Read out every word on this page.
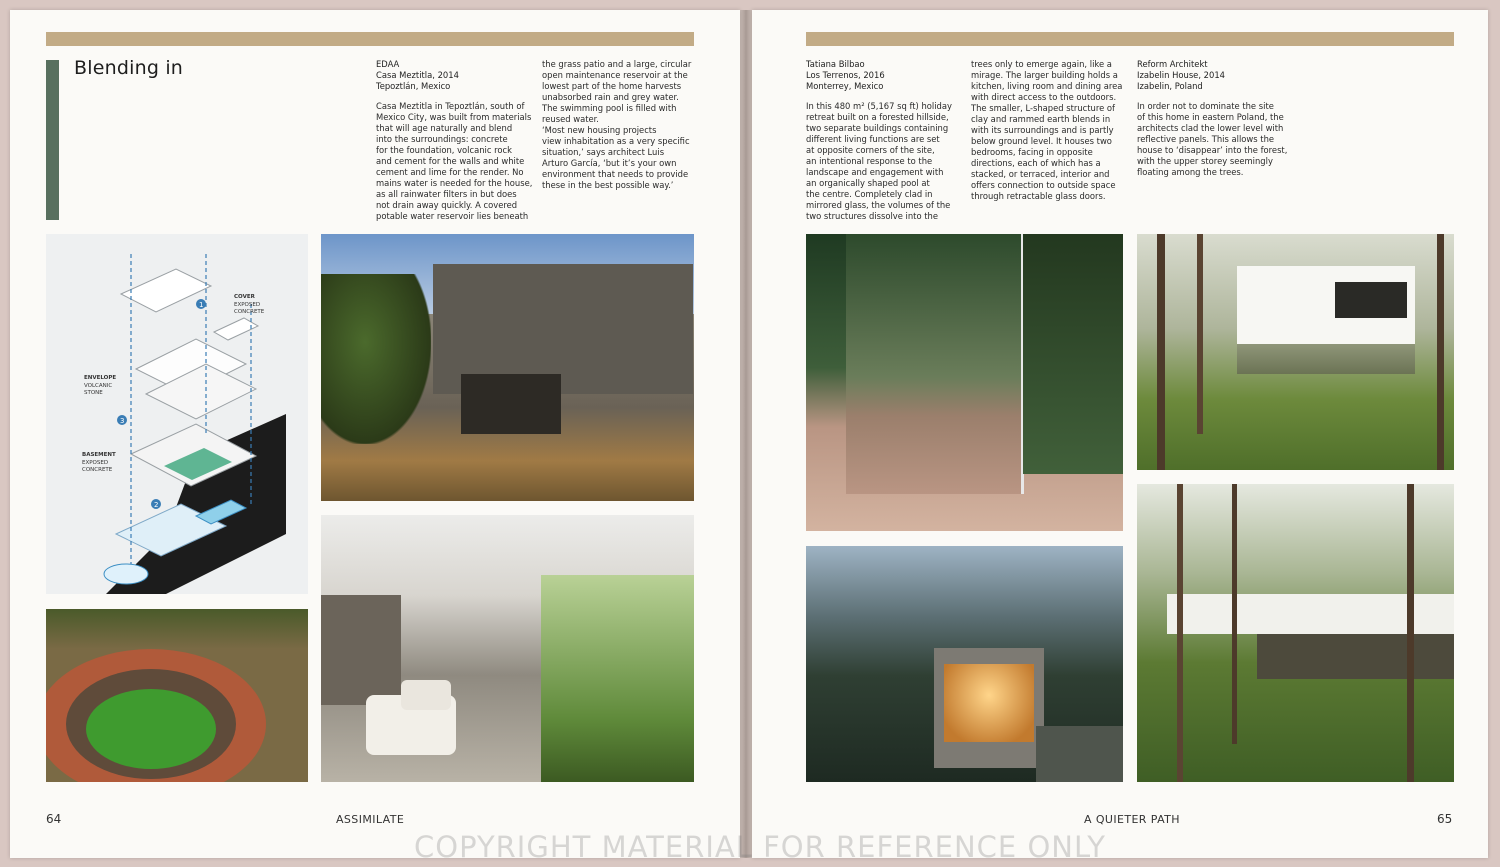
Blending in	EDAA
Casa Meztitla, 2014
Tepoztlán, Mexico
Casa Meztitla in Tepoztlán, south of
Mexico City, was built from materials
that will age naturally and blend
into the surroundings: concrete
for the foundation, volcanic rock
and cement for the walls and white
cement and lime for the render. No
mains water is needed for the house,
as all rainwater filters in but does
not drain away quickly. A covered
potable water reservoir lies beneath
the grass patio and a large, circular
open maintenance reservoir at the
lowest part of the home harvests
unabsorbed rain and grey water.
The swimming pool is filled with
reused water.
‘Most new housing projects
view inhabitation as a very specific
situation,’ says architect Luis
Arturo García, ‘but it’s your own
environment that needs to provide
these in the best possible way.’
1
2
3
COVER
EXPOSED CONCRETE
ENVELOPE
VOLCANIC STONE
BASEMENT
EXPOSED CONCRETE
64	ASSIMILATE
Tatiana Bilbao
Los Terrenos, 2016
Monterrey, Mexico
In this 480 m² (5,167 sq ft) holiday
retreat built on a forested hillside,
two separate buildings containing
different living functions are set
at opposite corners of the site,
an intentional response to the
landscape and engagement with
an organically shaped pool at
the centre. Completely clad in
mirrored glass, the volumes of the
two structures dissolve into the
trees only to emerge again, like a
mirage. The larger building holds a
kitchen, living room and dining area
with direct access to the outdoors.
The smaller, L-shaped structure of
clay and rammed earth blends in
with its surroundings and is partly
below ground level. It houses two
bedrooms, facing in opposite
directions, each of which has a
stacked, or terraced, interior and
offers connection to outside space
through retractable glass doors.
Reform Architekt
Izabelin House, 2014
Izabelin, Poland
In order not to dominate the site
of this home in eastern Poland, the
architects clad the lower level with
reflective panels. This allows the
house to ‘disappear’ into the forest,
with the upper storey seemingly
floating among the trees.
A QUIETER PATH	65
COPYRIGHT MATERIAL FOR REFERENCE ONLY
